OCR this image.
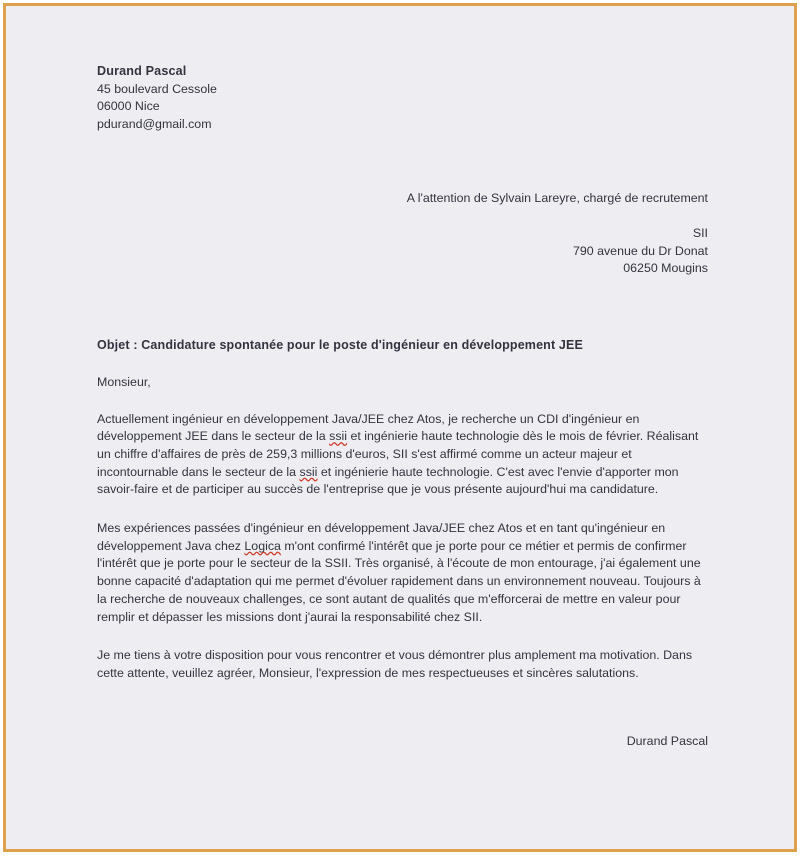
Durand Pascal
45 boulevard Cessole
06000 Nice
pdurand@gmail.com
A l'attention de Sylvain Lareyre, chargé de recrutement
SII
790 avenue du Dr Donat
06250 Mougins
Objet : Candidature spontanée pour le poste d'ingénieur en développement JEE
Monsieur,
Actuellement ingénieur en développement Java/JEE chez Atos, je recherche un CDI d'ingénieur en développement JEE dans le secteur de la ssii et ingénierie haute technologie dès le mois de février. Réalisant un chiffre d'affaires de près de 259,3 millions d'euros, SII s'est affirmé comme un acteur majeur et incontournable dans le secteur de la ssii et ingénierie haute technologie. C'est avec l'envie d'apporter mon savoir-faire et de participer au succès de l'entreprise que je vous présente aujourd'hui ma candidature.
Mes expériences passées d'ingénieur en développement Java/JEE chez Atos et en tant qu'ingénieur en développement Java chez Logica m'ont confirmé l'intérêt que je porte pour ce métier et permis de confirmer l'intérêt que je porte pour le secteur de la SSII. Très organisé, à l'écoute de mon entourage, j'ai également une bonne capacité d'adaptation qui me permet d'évoluer rapidement dans un environnement nouveau. Toujours à la recherche de nouveaux challenges, ce sont autant de qualités que m'efforcerai de mettre en valeur pour remplir et dépasser les missions dont j'aurai la responsabilité chez SII.
Je me tiens à votre disposition pour vous rencontrer et vous démontrer plus amplement ma motivation. Dans cette attente, veuillez agréer, Monsieur, l'expression de mes respectueuses et sincères salutations.
Durand Pascal
